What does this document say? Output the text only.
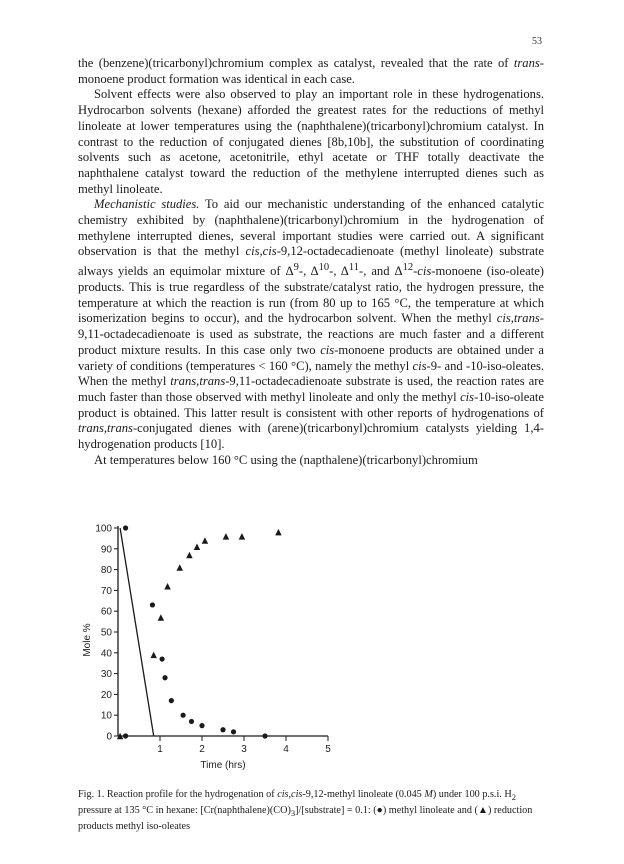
53

the (benzene)(tricarbonyl)chromium complex as catalyst, revealed that the rate of trans-monoene product formation was identical in each case.

Solvent effects were also observed to play an important role in these hydrogenations. Hydrocarbon solvents (hexane) afforded the greatest rates for the reductions of methyl linoleate at lower temperatures using the (naphthalene)(tricarbonyl)chromium catalyst. In contrast to the reduction of conjugated dienes [8b,10b], the substitution of coordinating solvents such as acetone, acetonitrile, ethyl acetate or THF totally deactivate the naphthalene catalyst toward the reduction of the methylene interrupted dienes such as methyl linoleate.

Mechanistic studies. To aid our mechanistic understanding of the enhanced catalytic chemistry exhibited by (naphthalene)(tricarbonyl)chromium in the hydrogenation of methylene interrupted dienes, several important studies were carried out. A significant observation is that the methyl cis,cis-9,12-octadecadienoate (methyl linoleate) substrate always yields an equimolar mixture of $\Delta^9-$, $\Delta^{10}-$, $\Delta^{11}-$, and $\Delta^{12}-cis$-monoene (iso-oleate) products. This is true regardless of the substrate/catalyst ratio, the hydrogen pressure, the temperature at which the reaction is run (from 80 up to 165 °C, the temperature at which isomerization begins to occur), and the hydrocarbon solvent. When the methyl cis,trans-9,11-octadecadienoate is used as substrate, the reactions are much faster and a different product mixture results. In this case only two cis-monoene products are obtained under a variety of conditions (temperatures < 160 °C), namely the methyl cis-9- and -10-iso-oleates. When the methyl trans,trans-9,11-octadecadienoate substrate is used, the reaction rates are much faster than those observed with methyl linoleate and only the methyl cis-10-iso-oleate product is obtained. This latter result is consistent with other reports of hydrogenations of trans,trans-conjugated dienes with (arene)(tricarbonyl)chromium catalysts yielding 1,4-hydrogenation products [10].

At temperatures below 160 °C using the (napthalene)(tricarbonyl)chromium

0
10
20
30
40
50
60
70
80
90
100
1	2	3	4	5
Time (hrs)
Mole %
Fig. 1. Reaction profile for the hydrogenation of cis,cis-9,12-methyl linoleate (0.045 M) under 100 p.s.i. $H_2$ pressure at 135 °C in hexane: $[Cr(naphthalene)(CO)_3]/[substrate] = 0.1$: (●) methyl linoleate and (▲) reduction products methyl iso-oleates
